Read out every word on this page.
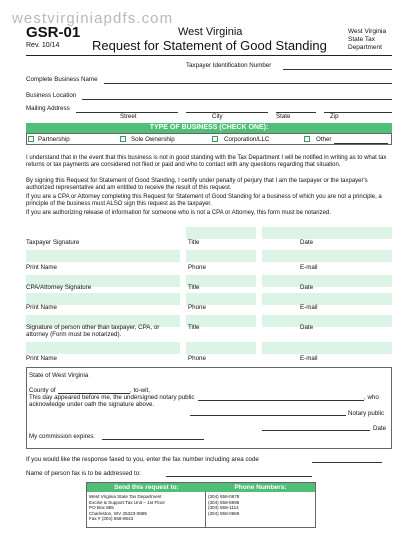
westvirginiapdfs.com
GSR-01
Rev. 10/14
West Virginia
Request for Statement of Good Standing
West Virginia
State Tax
Department
Taxpayer Identification Number
Complete Business Name
Business Location
Mailing Address
Street	City	State	Zip
TYPE OF BUSINESS (CHECK ONE):
Partnership	Sole Ownership	Corporation/LLC	Other
I understand that in the event that this business is not in good standing with the Tax Department I will be notified in writing as to what tax returns or tax payments are considered not filed or paid and who to contact with any questions regarding that situation.
By signing this Request for Statement of Good Standing, I certify under penalty of perjury that I am the taxpayer or the taxpayer's authorized representative and am entitled to receive the result of this request.
If you are a CPA or Attorney completing this Request for Statement of Good Standing for a business of which you are not a principle, a principle of the business must ALSO sign this request as the taxpayer.
If you are authorizing release of information for someone who is not a CPA or Attorney, this form must be notarized.
Taxpayer Signature	Title	Date
Print Name	Phone	E-mail
CPA/Attorney Signature	Title	Date
Print Name	Phone	E-mail
Signature of person other than taxpayer, CPA, or attorney (Form must be notarized).
Title	Date
Print Name	Phone	E-mail
State of West Virginia
County of	, to-wit,
This day appeared before me, the undersigned notary public	, who
acknowledge under oath the signature above.
Notary public
Date
My commission expires:
If you would like the response faxed to you, enter the fax number including area code
Name of person fax is to be addressed to:
Send this request to:	Phone Numbers:
West Virginia State Tax Department
Excise & Support Tax Unit – 1st Floor
PO Box 885
Charleston, WV 25323-0885
Fax # (304) 558-8643
(304) 558-0678
(304) 558-8695
(304) 558-1114
(304) 558-0659
